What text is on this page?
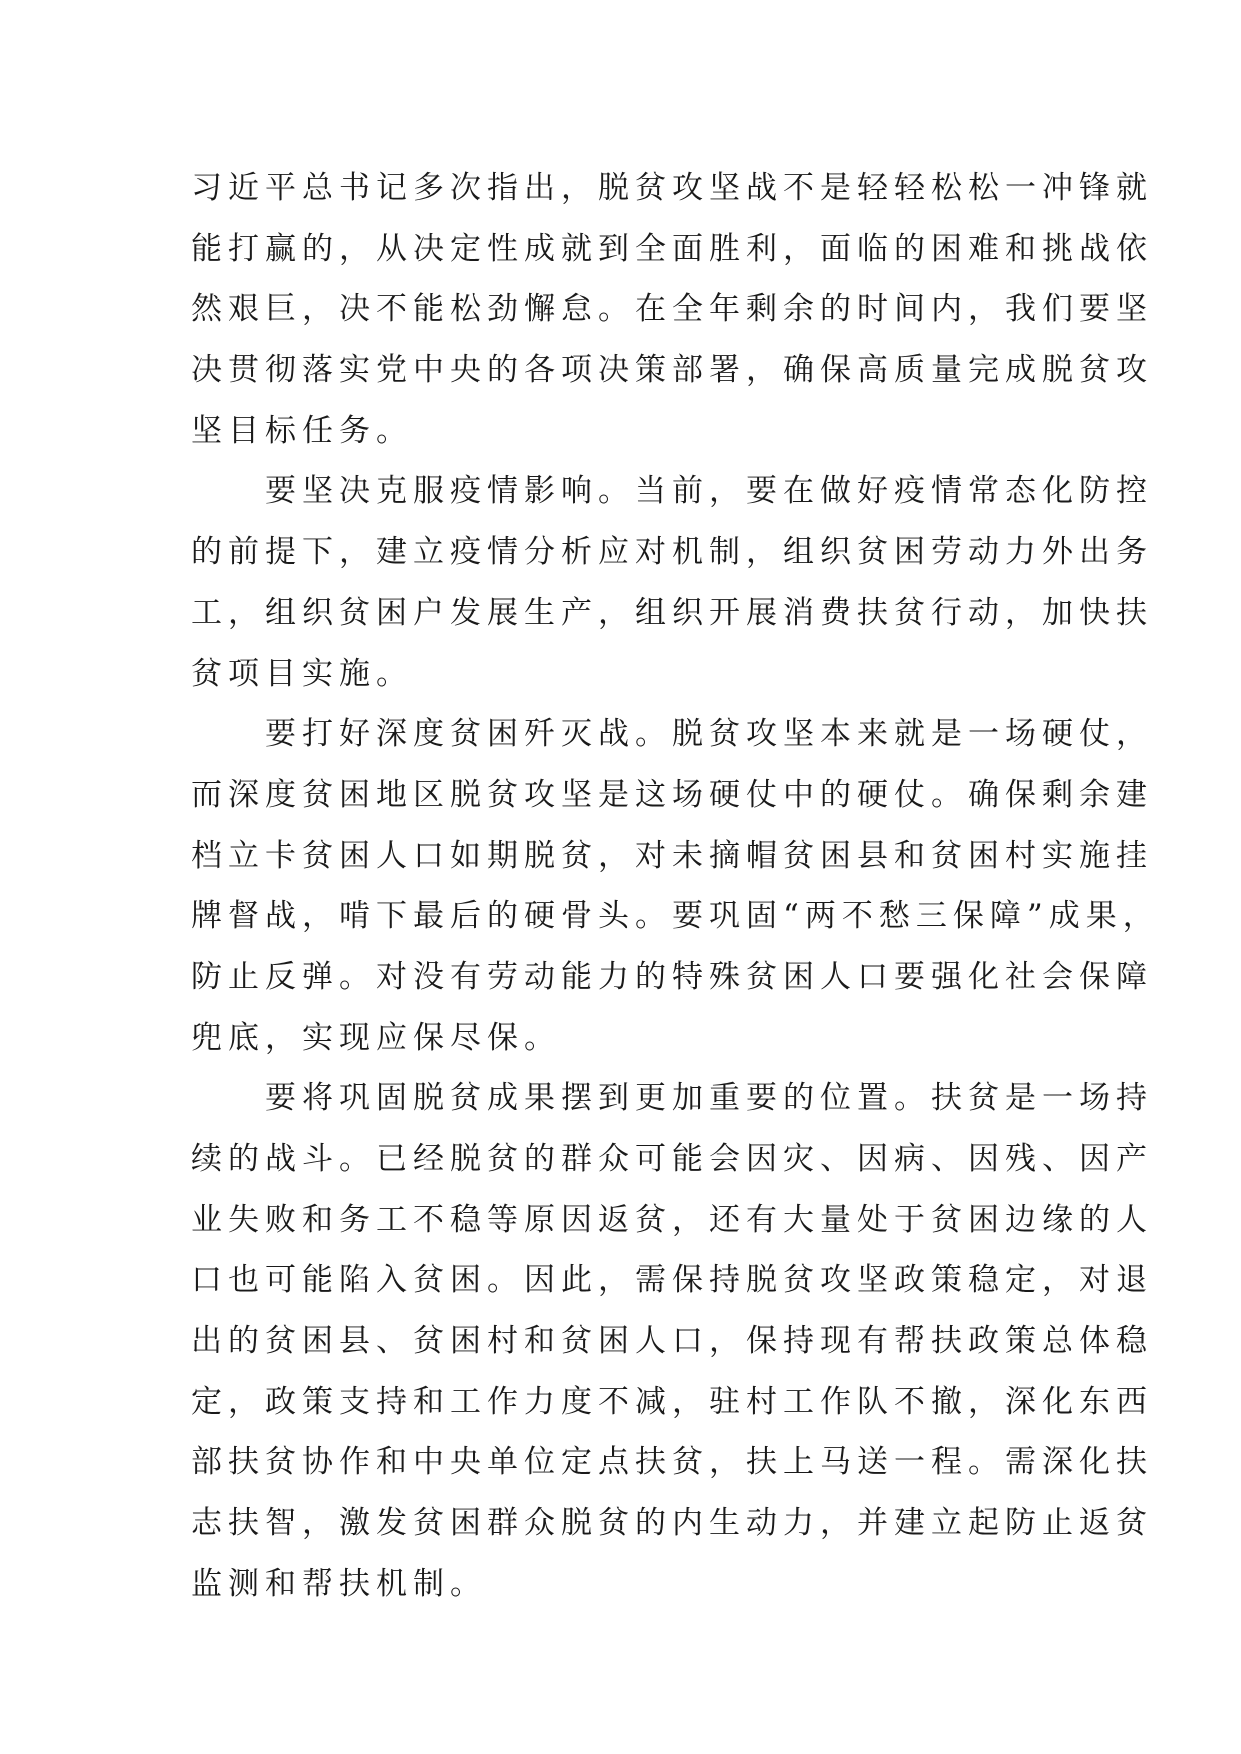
习近平总书记多次指出，脱贫攻坚战不是轻轻松松一冲锋就
能打赢的，从决定性成就到全面胜利，面临的困难和挑战依
然艰巨，决不能松劲懈怠。在全年剩余的时间内，我们要坚
决贯彻落实党中央的各项决策部署，确保高质量完成脱贫攻
坚目标任务。
要坚决克服疫情影响。当前，要在做好疫情常态化防控
的前提下，建立疫情分析应对机制，组织贫困劳动力外出务
工，组织贫困户发展生产，组织开展消费扶贫行动，加快扶
贫项目实施。
要打好深度贫困歼灭战。脱贫攻坚本来就是一场硬仗，
而深度贫困地区脱贫攻坚是这场硬仗中的硬仗。确保剩余建
档立卡贫困人口如期脱贫，对未摘帽贫困县和贫困村实施挂
牌督战，啃下最后的硬骨头。要巩固“两不愁三保障”成果，
防止反弹。对没有劳动能力的特殊贫困人口要强化社会保障
兜底，实现应保尽保。
要将巩固脱贫成果摆到更加重要的位置。扶贫是一场持
续的战斗。已经脱贫的群众可能会因灾、因病、因残、因产
业失败和务工不稳等原因返贫，还有大量处于贫困边缘的人
口也可能陷入贫困。因此，需保持脱贫攻坚政策稳定，对退
出的贫困县、贫困村和贫困人口，保持现有帮扶政策总体稳
定，政策支持和工作力度不减，驻村工作队不撤，深化东西
部扶贫协作和中央单位定点扶贫，扶上马送一程。需深化扶
志扶智，激发贫困群众脱贫的内生动力，并建立起防止返贫
监测和帮扶机制。
